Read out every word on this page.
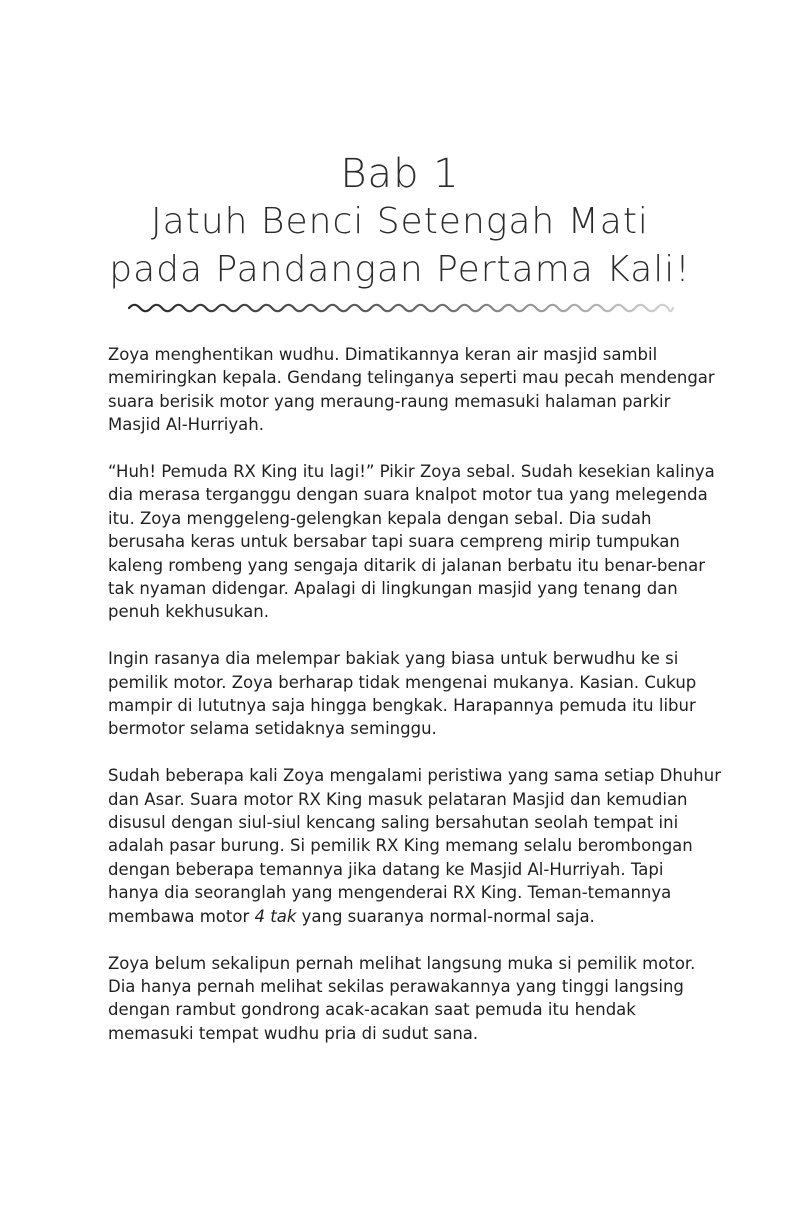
Bab 1
Jatuh Benci Setengah Mati
pada Pandangan Pertama Kali!

Zoya menghentikan wudhu. Dimatikannya keran air masjid sambil
memiringkan kepala. Gendang telinganya seperti mau pecah mendengar
suara berisik motor yang meraung-raung memasuki halaman parkir
Masjid Al-Hurriyah.

“Huh! Pemuda RX King itu lagi!” Pikir Zoya sebal. Sudah kesekian kalinya
dia merasa terganggu dengan suara knalpot motor tua yang melegenda
itu. Zoya menggeleng-gelengkan kepala dengan sebal. Dia sudah
berusaha keras untuk bersabar tapi suara cempreng mirip tumpukan
kaleng rombeng yang sengaja ditarik di jalanan berbatu itu benar-benar
tak nyaman didengar. Apalagi di lingkungan masjid yang tenang dan
penuh kekhusukan.

Ingin rasanya dia melempar bakiak yang biasa untuk berwudhu ke si
pemilik motor. Zoya berharap tidak mengenai mukanya. Kasian. Cukup
mampir di lututnya saja hingga bengkak. Harapannya pemuda itu libur
bermotor selama setidaknya seminggu.

Sudah beberapa kali Zoya mengalami peristiwa yang sama setiap Dhuhur
dan Asar. Suara motor RX King masuk pelataran Masjid dan kemudian
disusul dengan siul-siul kencang saling bersahutan seolah tempat ini
adalah pasar burung. Si pemilik RX King memang selalu berombongan
dengan beberapa temannya jika datang ke Masjid Al-Hurriyah. Tapi
hanya dia seoranglah yang mengenderai RX King. Teman-temannya
membawa motor 4 tak yang suaranya normal-normal saja.

Zoya belum sekalipun pernah melihat langsung muka si pemilik motor.
Dia hanya pernah melihat sekilas perawakannya yang tinggi langsing
dengan rambut gondrong acak-acakan saat pemuda itu hendak
memasuki tempat wudhu pria di sudut sana.
